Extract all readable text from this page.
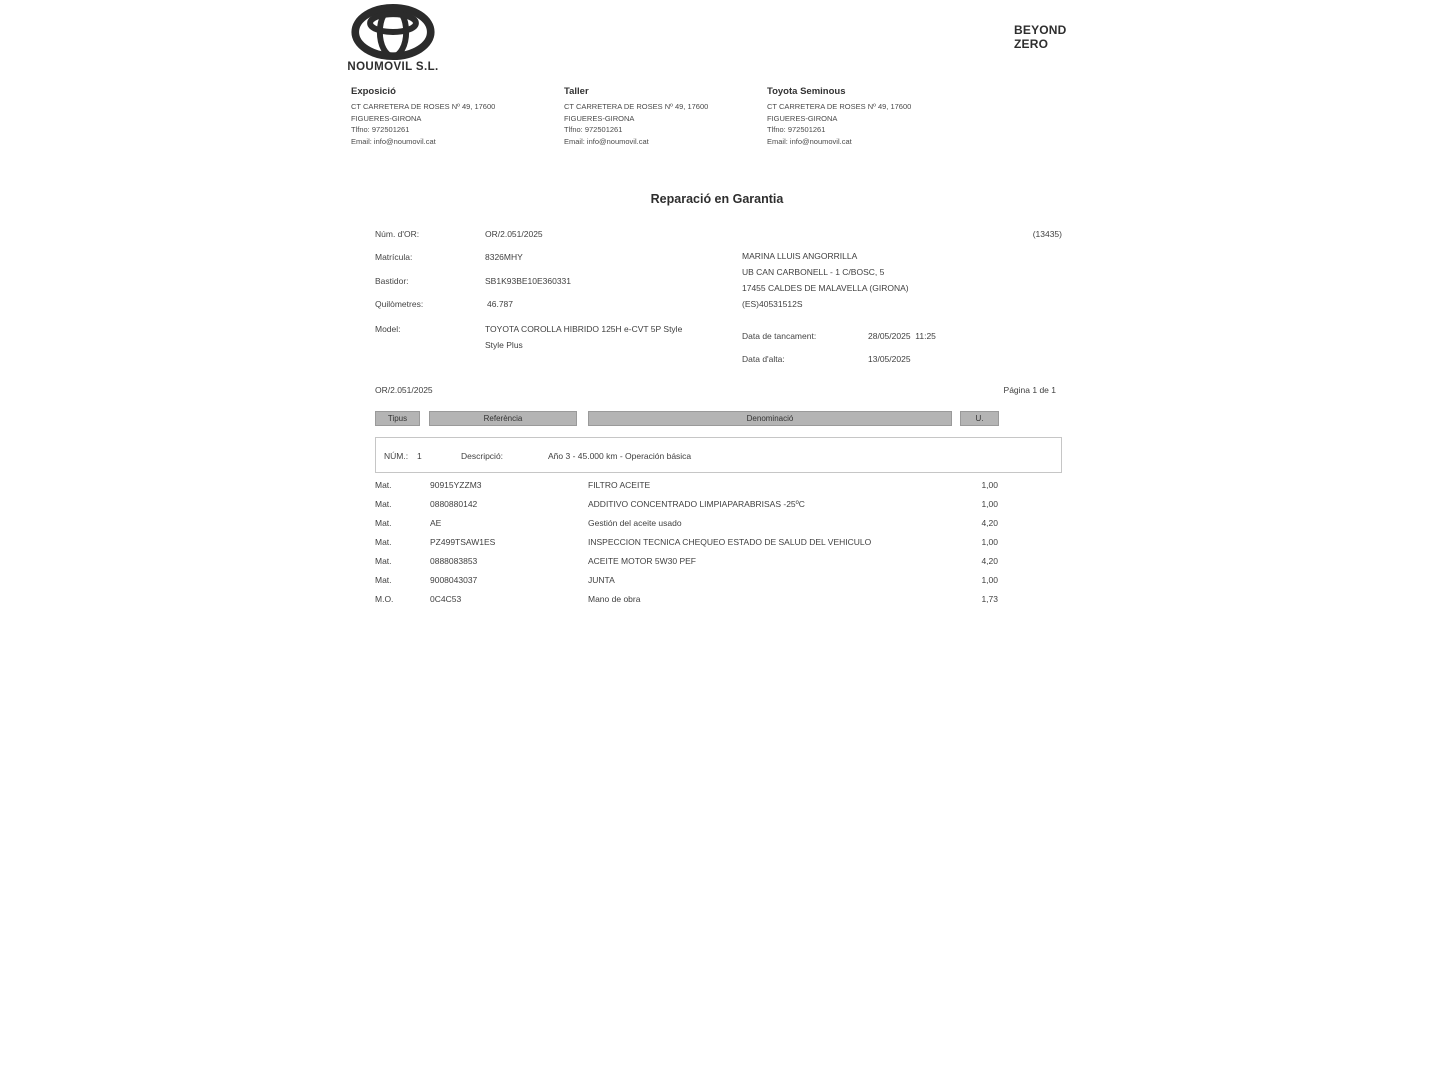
NOUMOVIL S.L.
BEYOND ZERO
Exposició
CT CARRETERA DE ROSES Nº 49, 17600
FIGUERES-GIRONA
Tlfno: 972501261
Email: info@noumovil.cat
Taller
CT CARRETERA DE ROSES Nº 49, 17600
FIGUERES-GIRONA
Tlfno: 972501261
Email: info@noumovil.cat
Toyota Seminous
CT CARRETERA DE ROSES Nº 49, 17600
FIGUERES-GIRONA
Tlfno: 972501261
Email: info@noumovil.cat
Reparació en Garantia
Núm. d'OR:	OR/2.051/2025	(13435)
Matrícula:	8326MHY
Bastidor:	SB1K93BE10E360331
Quilòmetres:	46.787
Model:	TOYOTA COROLLA HIBRIDO 125H e-CVT 5P Style
Style Plus
MARINA LLUIS ANGORRILLA
UB CAN CARBONELL - 1 C/BOSC, 5
17455 CALDES DE MALAVELLA (GIRONA)
(ES)40531512S
Data de tancament:	28/05/2025  11:25
Data d'alta:	13/05/2025
OR/2.051/2025	Página 1 de 1
Tipus	Referència	Denominació	U.
NÚM.: 1	Descripció:	Año 3 - 45.000 km - Operación básica
Mat.	90915YZZM3	FILTRO ACEITE	1,00
Mat.	0880880142	ADDITIVO CONCENTRADO LIMPIAPARABRISAS -25ºC	1,00
Mat.	AE	Gestión del aceite usado	4,20
Mat.	PZ499TSAW1ES	INSPECCION TECNICA CHEQUEO ESTADO DE SALUD DEL VEHICULO	1,00
Mat.	0888083853	ACEITE MOTOR 5W30 PEF	4,20
Mat.	9008043037	JUNTA	1,00
M.O.	0C4C53	Mano de obra	1,73
